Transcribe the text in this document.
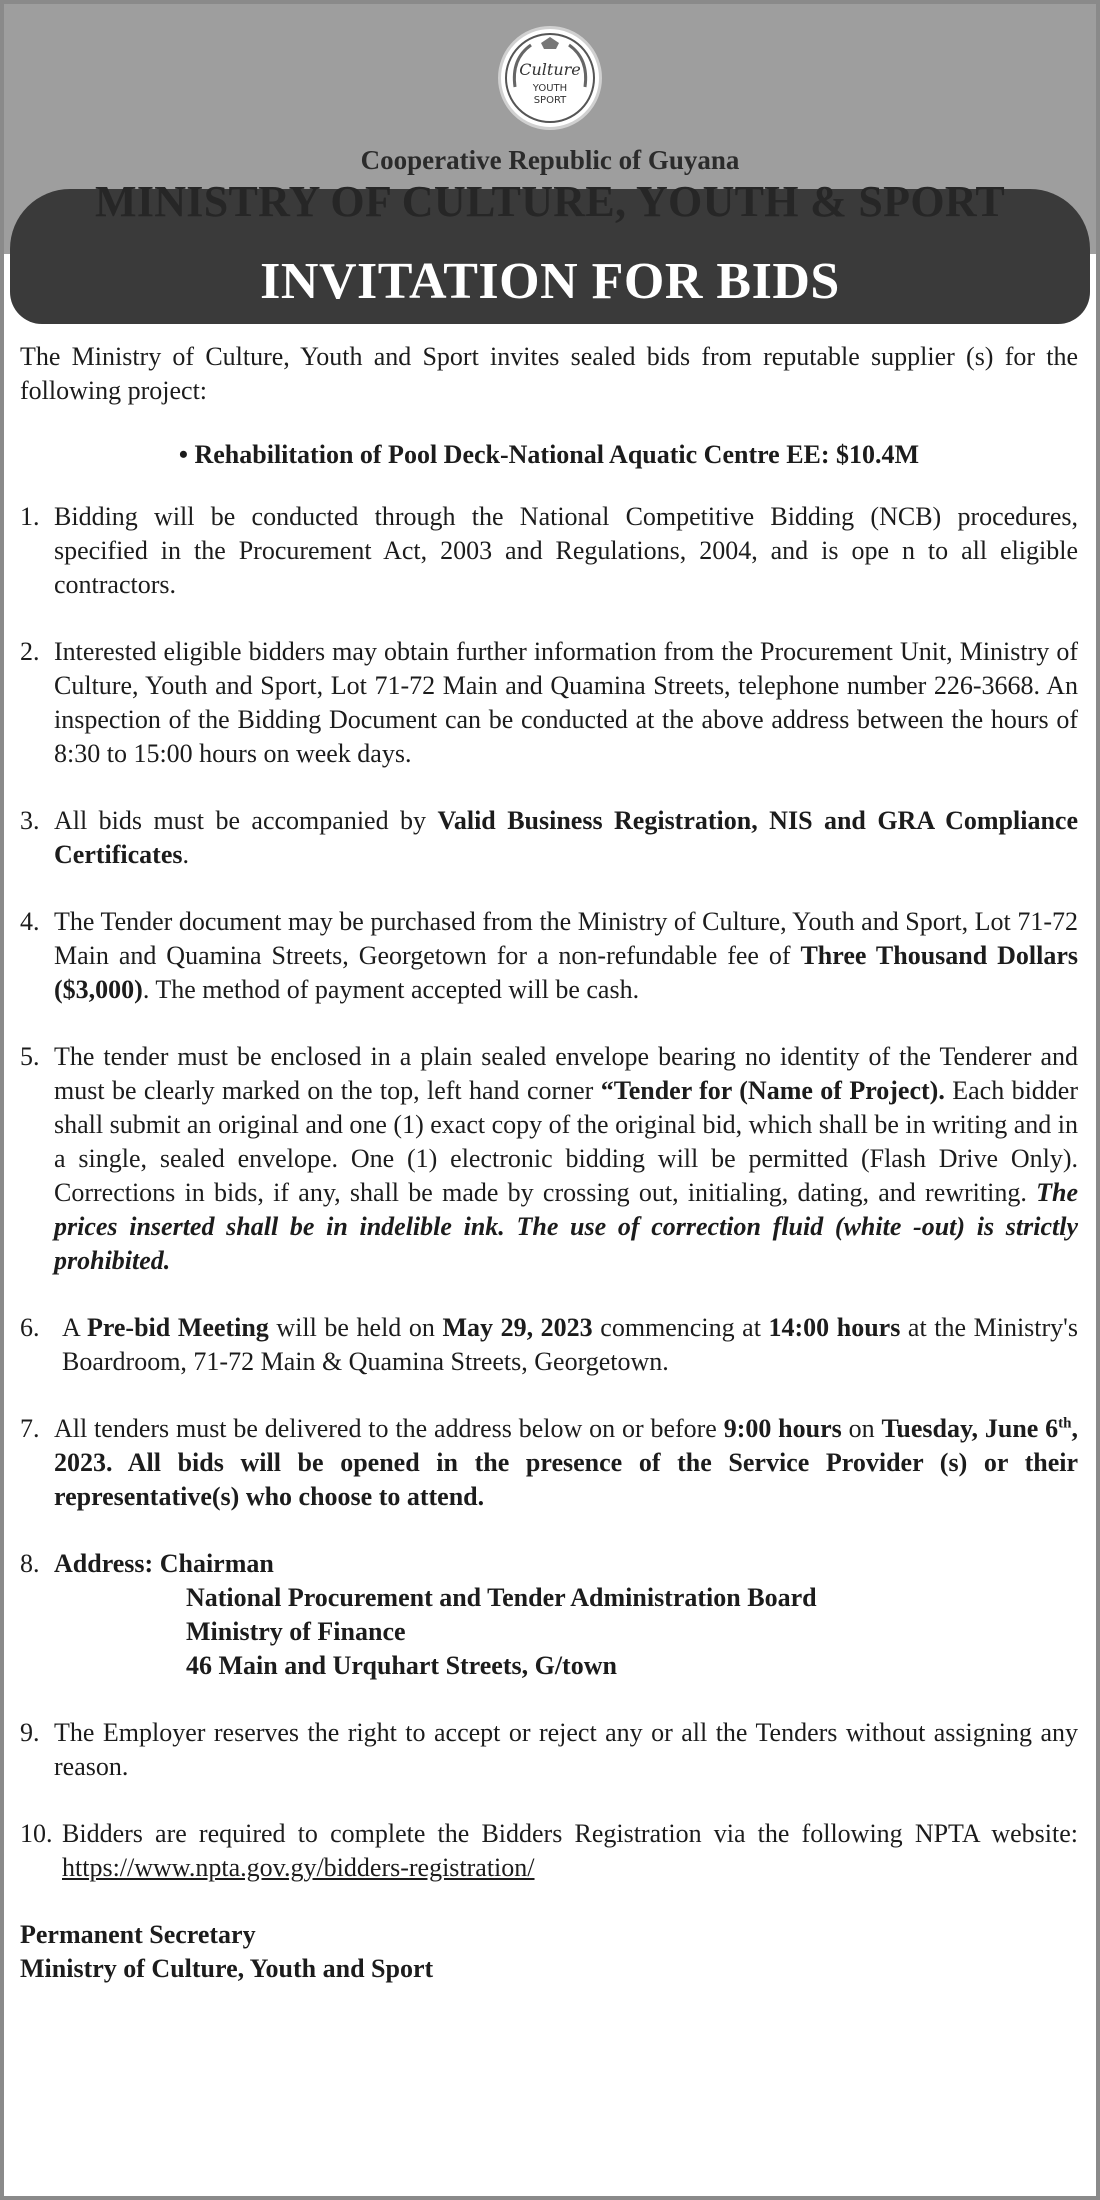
Culture
YOUTH
SPORT
Cooperative Republic of Guyana
MINISTRY OF CULTURE, YOUTH & SPORT
INVITATION FOR BIDS

The Ministry of Culture, Youth and Sport invites sealed bids from reputable supplier (s) for the following project:

• Rehabilitation of Pool Deck-National Aquatic Centre EE: $10.4M

1. Bidding will be conducted through the National Competitive Bidding (NCB) procedures, specified in the Procurement Act, 2003 and Regulations, 2004, and is ope n to all eligible contractors.

2. Interested eligible bidders may obtain further information from the Procurement Unit, Ministry of Culture, Youth and Sport, Lot 71-72 Main and Quamina Streets, telephone number 226-3668. An inspection of the Bidding Document can be conducted at the above address between the hours of 8:30 to 15:00 hours on week days.

3. All bids must be accompanied by Valid Business Registration, NIS and GRA Compliance Certificates.

4. The Tender document may be purchased from the Ministry of Culture, Youth and Sport, Lot 71-72 Main and Quamina Streets, Georgetown for a non-refundable fee of Three Thousand Dollars ($3,000). The method of payment accepted will be cash.

5. The tender must be enclosed in a plain sealed envelope bearing no identity of the Tenderer and must be clearly marked on the top, left hand corner “Tender for (Name of Project). Each bidder shall submit an original and one (1) exact copy of the original bid, which shall be in writing and in a single, sealed envelope. One (1) electronic bidding will be permitted (Flash Drive Only). Corrections in bids, if any, shall be made by crossing out, initialing, dating, and rewriting. The prices inserted shall be in indelible ink. The use of correction fluid (white -out) is strictly prohibited.

6. A Pre-bid Meeting will be held on May 29, 2023 commencing at 14:00 hours at the Ministry's Boardroom, 71-72 Main & Quamina Streets, Georgetown.

7. All tenders must be delivered to the address below on or before 9:00 hours on Tuesday, June 6th, 2023. All bids will be opened in the presence of the Service Provider (s) or their representative(s) who choose to attend.

8. Address: Chairman
National Procurement and Tender Administration Board
Ministry of Finance
46 Main and Urquhart Streets, G/town

9. The Employer reserves the right to accept or reject any or all the Tenders without assigning any reason.

10. Bidders are required to complete the Bidders Registration via the following NPTA website: https://www.npta.gov.gy/bidders-registration/

Permanent Secretary
Ministry of Culture, Youth and Sport
